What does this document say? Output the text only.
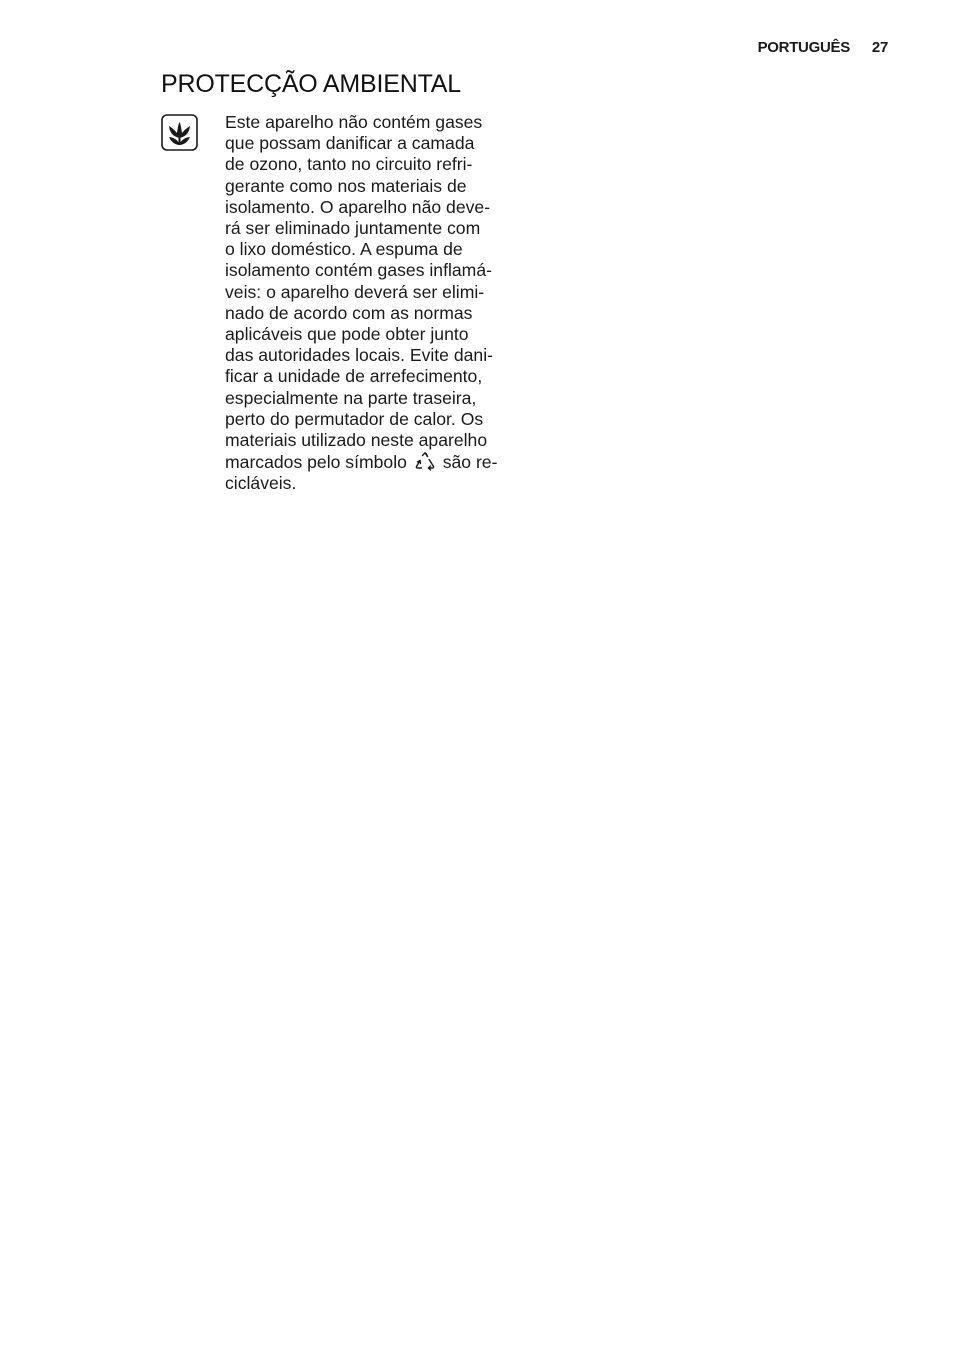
PORTUGUÊS 27
PROTECÇÃO AMBIENTAL

Este aparelho não contém gases
que possam danificar a camada
de ozono, tanto no circuito refri-
gerante como nos materiais de
isolamento. O aparelho não deve-
rá ser eliminado juntamente com
o lixo doméstico. A espuma de
isolamento contém gases inflamá-
veis: o aparelho deverá ser elimi-
nado de acordo com as normas
aplicáveis que pode obter junto
das autoridades locais. Evite dani-
ficar a unidade de arrefecimento,
especialmente na parte traseira,
perto do permutador de calor. Os
materiais utilizado neste aparelho
marcados pelo símbolo são re-
cicláveis.
